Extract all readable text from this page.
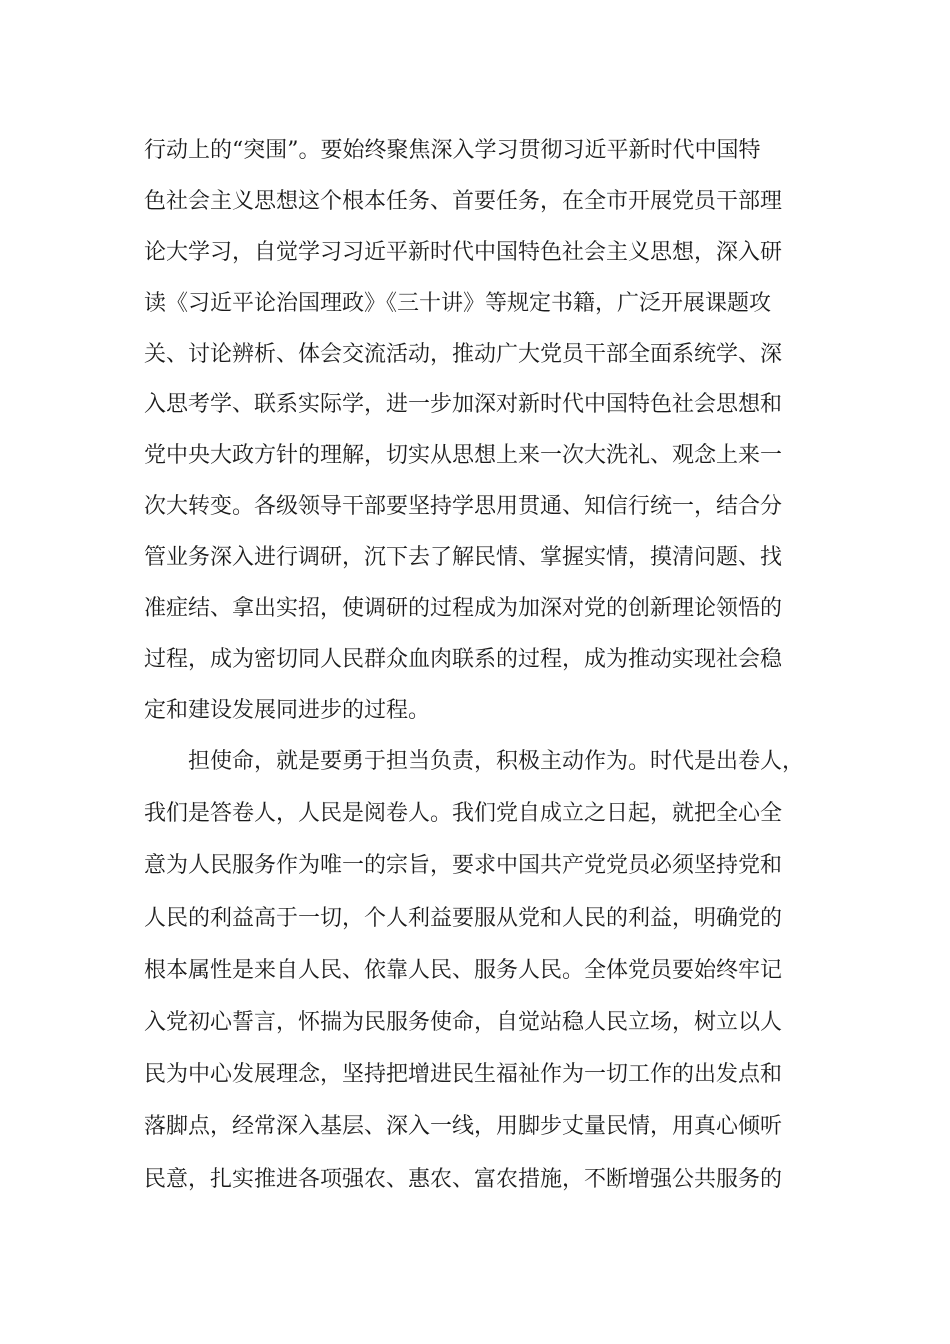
行动上的“突围”。要始终聚焦深入学习贯彻习近平新时代中国特
色社会主义思想这个根本任务、首要任务，在全市开展党员干部理
论大学习，自觉学习习近平新时代中国特色社会主义思想，深入研
读《习近平论治国理政》《三十讲》等规定书籍，广泛开展课题攻
关、讨论辨析、体会交流活动，推动广大党员干部全面系统学、深
入思考学、联系实际学，进一步加深对新时代中国特色社会思想和
党中央大政方针的理解，切实从思想上来一次大洗礼、观念上来一
次大转变。各级领导干部要坚持学思用贯通、知信行统一，结合分
管业务深入进行调研，沉下去了解民情、掌握实情，摸清问题、找
准症结、拿出实招，使调研的过程成为加深对党的创新理论领悟的
过程，成为密切同人民群众血肉联系的过程，成为推动实现社会稳
定和建设发展同进步的过程。
担使命，就是要勇于担当负责，积极主动作为。时代是出卷人，
我们是答卷人，人民是阅卷人。我们党自成立之日起，就把全心全
意为人民服务作为唯一的宗旨，要求中国共产党党员必须坚持党和
人民的利益高于一切，个人利益要服从党和人民的利益，明确党的
根本属性是来自人民、依靠人民、服务人民。全体党员要始终牢记
入党初心誓言，怀揣为民服务使命，自觉站稳人民立场，树立以人
民为中心发展理念，坚持把增进民生福祉作为一切工作的出发点和
落脚点，经常深入基层、深入一线，用脚步丈量民情，用真心倾听
民意，扎实推进各项强农、惠农、富农措施，不断增强公共服务的
